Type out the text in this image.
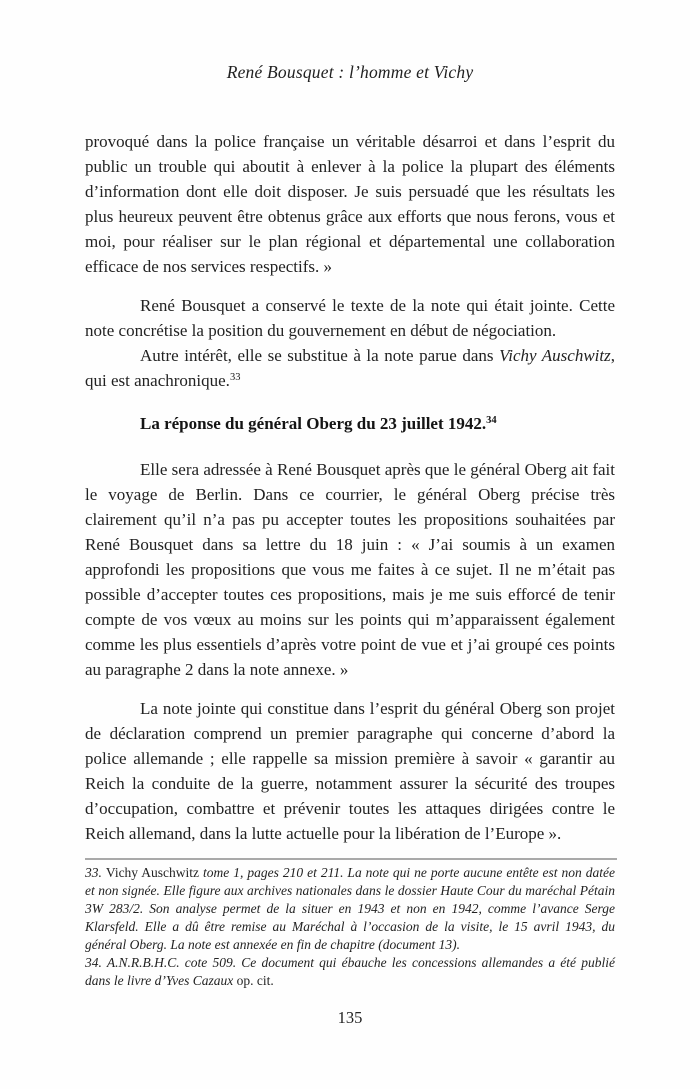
René Bousquet : l’homme et Vichy

provoqué dans la police française un véritable désarroi et dans l’esprit du public un trouble qui aboutit à enlever à la police la plupart des éléments d’information dont elle doit disposer. Je suis persuadé que les résultats les plus heureux peuvent être obtenus grâce aux efforts que nous ferons, vous et moi, pour réaliser sur le plan régional et départemental une collaboration efficace de nos services respectifs. »

René Bousquet a conservé le texte de la note qui était jointe. Cette note concrétise la position du gouvernement en début de négociation.

Autre intérêt, elle se substitue à la note parue dans Vichy Auschwitz, qui est anachronique.$^{33}$

La réponse du général Oberg du 23 juillet 1942.34

Elle sera adressée à René Bousquet après que le général Oberg ait fait le voyage de Berlin. Dans ce courrier, le général Oberg précise très clairement qu’il n’a pas pu accepter toutes les propositions souhaitées par René Bousquet dans sa lettre du 18 juin : « J’ai soumis à un examen approfondi les propositions que vous me faites à ce sujet. Il ne m’était pas possible d’accepter toutes ces propositions, mais je me suis efforcé de tenir compte de vos vœux au moins sur les points qui m’apparaissent également comme les plus essentiels d’après votre point de vue et j’ai groupé ces points au paragraphe 2 dans la note annexe. »

La note jointe qui constitue dans l’esprit du général Oberg son projet de déclaration comprend un premier paragraphe qui concerne d’abord la police allemande ; elle rappelle sa mission première à savoir « garantir au Reich la conduite de la guerre, notamment assurer la sécurité des troupes d’occupation, combattre et prévenir toutes les attaques dirigées contre le Reich allemand, dans la lutte actuelle pour la libération de l’Europe ».

33. Vichy Auschwitz tome 1, pages 210 et 211. La note qui ne porte aucune entête est non datée et non signée. Elle figure aux archives nationales dans le dossier Haute Cour du maréchal Pétain 3W 283/2. Son analyse permet de la situer en 1943 et non en 1942, comme l’avance Serge Klarsfeld. Elle a dû être remise au Maréchal à l’occasion de la visite, le 15 avril 1943, du général Oberg. La note est annexée en fin de chapitre (document 13).

34. A.N.R.B.H.C. cote 509. Ce document qui ébauche les concessions allemandes a été publié dans le livre d’Yves Cazaux op. cit.

135
